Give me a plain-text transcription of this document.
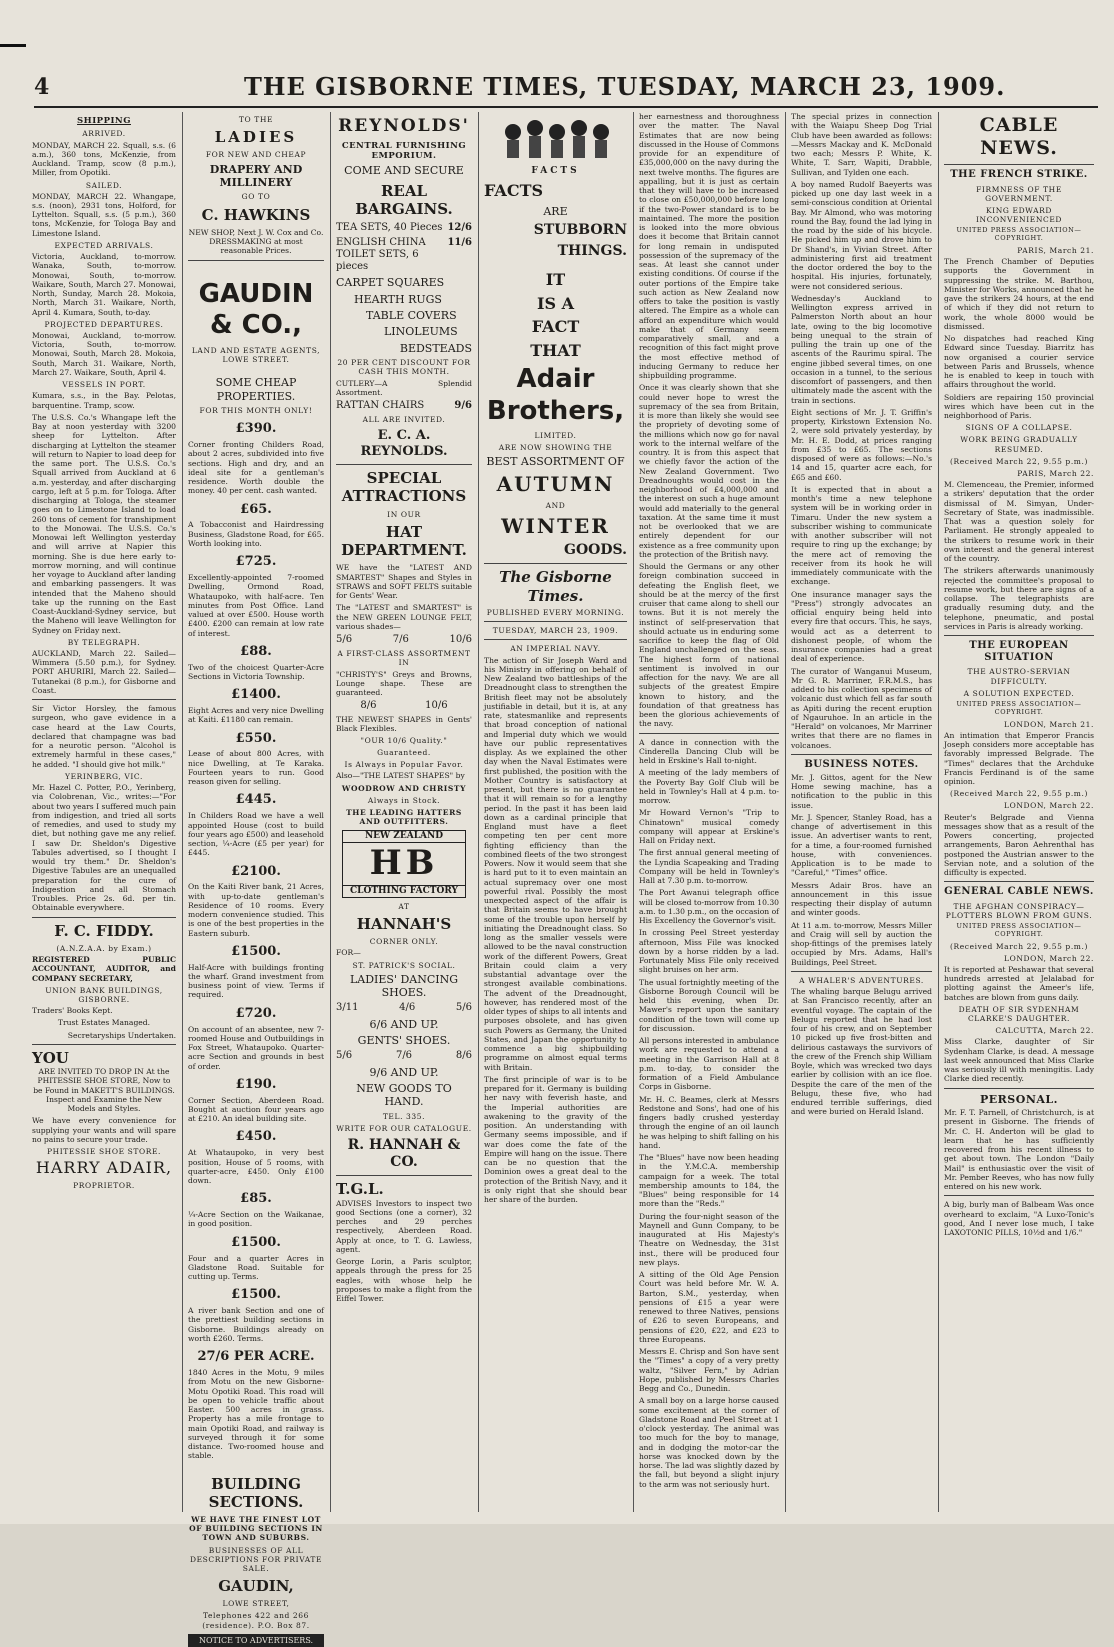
4	THE GISBORNE TIMES, TUESDAY, MARCH 23, 1909.
SHIPPING
ARRIVED.

MONDAY, MARCH 22. Squall, s.s. (6 a.m.), 360 tons, McKenzie, from Auckland. Tramp, scow (8 p.m.), Miller, from Opotiki.

SAILED.

MONDAY, MARCH 22. Whangape, s.s. (noon), 2931 tons, Holford, for Lyttelton. Squall, s.s. (5 p.m.), 360 tons, McKenzie, for Tologa Bay and Limestone Island.

EXPECTED ARRIVALS.

Victoria, Auckland, to-morrow. Wanaka, South, to-morrow. Monowai, South, to-morrow. Waikare, South, March 27. Monowai, North, Sunday, March 28. Mokoia, North, March 31. Waikare, North, April 4. Kumara, South, to-day.

PROJECTED DEPARTURES.

Monowai, Auckland, to-morrow. Victoria, South, to-morrow. Monowai, South, March 28. Mokoia, South, March 31. Waikare, North, March 27. Waikare, South, April 4.

VESSELS IN PORT.

Kumara, s.s., in the Bay. Pelotas, barquentine. Tramp, scow.

The U.S.S. Co.'s Whangape left the Bay at noon yesterday with 3200 sheep for Lyttelton. After discharging at Lyttelton the steamer will return to Napier to load deep for the same port. The U.S.S. Co.'s Squall arrived from Auckland at 6 a.m. yesterday, and after discharging cargo, left at 5 p.m. for Tologa. After discharging at Tologa, the steamer goes on to Limestone Island to load 260 tons of cement for transhipment to the Monowai. The U.S.S. Co.'s Monowai left Wellington yesterday and will arrive at Napier this morning. She is due here early to-morrow morning, and will continue her voyage to Auckland after landing and embarking passengers. It was intended that the Maheno should take up the running on the East Coast-Auckland-Sydney service, but the Maheno will leave Wellington for Sydney on Friday next.

BY TELEGRAPH.

AUCKLAND, March 22. Sailed—Wimmera (5.50 p.m.), for Sydney. PORT AHURIRI, March 22. Sailed—Tutanekai (8 p.m.), for Gisborne and Coast.

Sir Victor Horsley, the famous surgeon, who gave evidence in a case heard at the Law Courts, declared that champagne was bad for a neurotic person. "Alcohol is extremely harmful in these cases," he added. "I should give hot milk."

YERINBERG, VIC.

Mr. Hazel C. Potter, P.O., Yerinberg, via Colobrenan, Vic., writes:—"For about two years I suffered much pain from indigestion, and tried all sorts of remedies, and used to study my diet, but nothing gave me any relief. I saw Dr. Sheldon's Digestive Tabules advertised, so I thought I would try them." Dr. Sheldon's Digestive Tabules are an unequalled preparation for the cure of Indigestion and all Stomach Troubles. Price 2s. 6d. per tin. Obtainable everywhere.

F. C. FIDDY.
(A.N.Z.A.A. by Exam.)

REGISTERED PUBLIC ACCOUNTANT, AUDITOR, and COMPANY SECRETARY,

UNION BANK BUILDINGS, GISBORNE.

Traders' Books Kept.

Trust Estates Managed.

Secretaryships Undertaken.

YOU

ARE INVITED TO DROP IN At the PHITESSIE SHOE STORE, Now to be Found in MAKETT'S BUILDINGS. Inspect and Examine the New Models and Styles.

We have every convenience for supplying your wants and will spare no pains to secure your trade.

PHITESSIE SHOE STORE.
HARRY ADAIR,
PROPRIETOR.
TO THE
LADIES
FOR NEW AND CHEAP
DRAPERY AND MILLINERY
GO TO
C. HAWKINS

NEW SHOP, Next J. W. Cox and Co. DRESSMAKING at most reasonable Prices.

GAUDIN & CO.,
LAND AND ESTATE AGENTS, LOWE STREET.
SOME CHEAP PROPERTIES.
FOR THIS MONTH ONLY!
£390.

Corner fronting Childers Road, about 2 acres, subdivided into five sections. High and dry, and an ideal site for a gentleman's residence. Worth double the money. 40 per cent. cash wanted.

£65.

A Tobacconist and Hairdressing Business, Gladstone Road, for £65. Worth looking into.

£725.

Excellently-appointed 7-roomed Dwelling, Ormond Road, Whataupoko, with half-acre. Ten minutes from Post Office. Land valued at over £500. House worth £400. £200 can remain at low rate of interest.

£88.

Two of the choicest Quarter-Acre Sections in Victoria Township.

£1400.

Eight Acres and very nice Dwelling at Kaiti. £1180 can remain.

£550.

Lease of about 800 Acres, with nice Dwelling, at Te Karaka. Fourteen years to run. Good reason given for selling.

£445.

In Childers Road we have a well appointed House (cost to build four years ago £500) and leasehold section, ¼-Acre (£5 per year) for £445.

£2100.

On the Kaiti River bank, 21 Acres, with up-to-date gentleman's Residence of 10 rooms. Every modern convenience studied. This is one of the best properties in the Eastern suburb.

£1500.

Half-Acre with buildings fronting the wharf. Grand investment from business point of view. Terms if required.

£720.

On account of an absentee, new 7-roomed House and Outbuildings in Fox Street, Whataupoko. Quarter-acre Section and grounds in best of order.

£190.

Corner Section, Aberdeen Road. Bought at auction four years ago at £210. An ideal building site.

£450.

At Whataupoko, in very best position, House of 5 rooms, with quarter-acre, £450. Only £100 down.

£85.

¼-Acre Section on the Waikanae, in good position.

£1500.

Four and a quarter Acres in Gladstone Road. Suitable for cutting up. Terms.

£1500.

A river bank Section and one of the prettiest building sections in Gisborne. Buildings already on worth £260. Terms.

27/6 PER ACRE.

1840 Acres in the Motu, 9 miles from Motu on the new Gisborne-Motu Opotiki Road. This road will be open to vehicle traffic about Easter. 500 acres in grass. Property has a mile frontage to main Opotiki Road, and railway is surveyed through it for some distance. Two-roomed house and stable.

BUILDING SECTIONS.
WE HAVE THE FINEST LOT OF BUILDING SECTIONS IN TOWN AND SUBURBS.
BUSINESSES OF ALL DESCRIPTIONS FOR PRIVATE SALE.
GAUDIN,
LOWE STREET,
Telephones 422 and 266 (residence). P.O. Box 87.
NOTICE TO ADVERTISERS.
REYNOLDS'
CENTRAL FURNISHING EMPORIUM.
COME AND SECURE
REAL BARGAINS.
TEA SETS, 40 Pieces 12/6
ENGLISH CHINA TOILET SETS, 6 pieces
11/6
CARPET SQUARES
HEARTH RUGS
TABLE COVERS
LINOLEUMS
BEDSTEADS
20 PER CENT DISCOUNT FOR CASH THIS MONTH.

CUTLERY—A Splendid Assortment.

RATTAN CHAIRS	9/6
ALL ARE INVITED.
E. C. A. REYNOLDS.
SPECIAL ATTRACTIONS
IN OUR
HAT DEPARTMENT.

WE have the "LATEST AND SMARTEST" Shapes and Styles in STRAWS and SOFT FELTS suitable for Gents' Wear.

The "LATEST and SMARTEST" is the NEW GREEN LOUNGE FELT, various shades—

5/6	7/6	10/6
A FIRST-CLASS ASSORTMENT IN

"CHRISTY'S" Greys and Browns, Lounge shape. These are guaranteed.

8/6	10/6

THE NEWEST SHAPES in Gents' Black Flexibles.

"OUR 10/6 Quality."
Guaranteed.
Is Always in Popular Favor.

Also—"THE LATEST SHAPES" by

WOODROW AND CHRISTY
Always in Stock.
THE LEADING HATTERS AND OUTFITTERS.
NEW ZEALAND
HB
CLOTHING FACTORY
AT
HANNAH'S
CORNER ONLY.

FOR—

ST. PATRICK'S SOCIAL.
LADIES' DANCING SHOES.
3/11	4/6	5/6
6/6 AND UP.
GENTS' SHOES.
5/6	7/6	8/6
9/6 AND UP.
NEW GOODS TO HAND.
TEL. 335.
WRITE FOR OUR CATALOGUE.
R. HANNAH & CO.
T.G.L.

ADVISES Investors to inspect two good Sections (one a corner), 32 perches and 29 perches respectively, Aberdeen Road. Apply at once, to T. G. Lawless, agent.

George Lorin, a Paris sculptor, appeals through the press for 25 eagles, with whose help he proposes to make a flight from the Eiffel Tower.

FACTS
FACTS
ARE
STUBBORN
THINGS.
IT
IS A
FACT
THAT
Adair
Brothers,
LIMITED.
ARE NOW SHOWING THE
BEST ASSORTMENT OF
AUTUMN
AND
WINTER
GOODS.
The Gisborne Times.
PUBLISHED EVERY MORNING.
TUESDAY, MARCH 23, 1909.
AN IMPERIAL NAVY.

The action of Sir Joseph Ward and his Ministry in offering on behalf of New Zealand two battleships of the Dreadnought class to strengthen the British fleet may not be absolutely justifiable in detail, but it is, at any rate, statesmanlike and represents that broad conception of national and Imperial duty which we would have our public representatives display. As we explained the other day when the Naval Estimates were first published, the position with the Mother Country is satisfactory at present, but there is no guarantee that it will remain so for a lengthy period. In the past it has been laid down as a cardinal principle that England must have a fleet competing ten per cent more fighting efficiency than the combined fleets of the two strongest Powers. Now it would seem that she is hard put to it to even maintain an actual supremacy over one most powerful rival. Possibly the most unexpected aspect of the affair is that Britain seems to have brought some of the trouble upon herself by initiating the Dreadnought class. So long as the smaller vessels were allowed to be the naval construction work of the different Powers, Great Britain could claim a very substantial advantage over the strongest available combinations. The advent of the Dreadnought, however, has rendered most of the older types of ships to all intents and purposes obsolete, and has given such Powers as Germany, the United States, and Japan the opportunity to commence a big shipbuilding programme on almost equal terms with Britain.

The first principle of war is to be prepared for it. Germany is building her navy with feverish haste, and the Imperial authorities are awakening to the gravity of the position. An understanding with Germany seems impossible, and if war does come the fate of the Empire will hang on the issue. There can be no question that the Dominion owes a great deal to the protection of the British Navy, and it is only right that she should bear her share of the burden.

her earnestness and thoroughness over the matter. The Naval Estimates that are now being discussed in the House of Commons provide for an expenditure of £35,000,000 on the navy during the next twelve months. The figures are appalling, but it is just as certain that they will have to be increased to close on £50,000,000 before long if the two-Power standard is to be maintained. The more the position is looked into the more obvious does it become that Britain cannot for long remain in undisputed possession of the supremacy of the seas. At least she cannot under existing conditions. Of course if the outer portions of the Empire take such action as New Zealand now offers to take the position is vastly altered. The Empire as a whole can afford an expenditure which would make that of Germany seem comparatively small, and a recognition of this fact might prove the most effective method of inducing Germany to reduce her shipbuilding programme.

Once it was clearly shown that she could never hope to wrest the supremacy of the sea from Britain, it is more than likely she would see the propriety of devoting some of the millions which now go for naval work to the internal welfare of the country. It is from this aspect that we chiefly favor the action of the New Zealand Government. Two Dreadnoughts would cost in the neighborhood of £4,000,000 and the interest on such a huge amount would add materially to the general taxation. At the same time it must not be overlooked that we are entirely dependent for our existence as a free community upon the protection of the British navy.

Should the Germans or any other foreign combination succeed in defeating the English fleet, we should be at the mercy of the first cruiser that came along to shell our towns. But it is not merely the instinct of self-preservation that should actuate us in enduring some sacrifice to keep the flag of Old England unchallenged on the seas. The highest form of national sentiment is involved in our affection for the navy. We are all subjects of the greatest Empire known to history, and the foundation of that greatness has been the glorious achievements of the navy.

A dance in connection with the Cinderella Dancing Club will be held in Erskine's Hall to-night.

A meeting of the lady members of the Poverty Bay Golf Club will be held in Townley's Hall at 4 p.m. to-morrow.

Mr Howard Vernon's "Trip to Chinatown" musical comedy company will appear at Erskine's Hall on Friday next.

The first annual general meeting of the Lyndia Scapeaking and Trading Company will be held in Townley's Hall at 7.30 p.m. to-morrow.

The Port Awanui telegraph office will be closed to-morrow from 10.30 a.m. to 1.30 p.m., on the occasion of His Excellency the Governor's visit.

In crossing Peel Street yesterday afternoon, Miss File was knocked down by a horse ridden by a lad. Fortunately Miss File only received slight bruises on her arm.

The usual fortnightly meeting of the Gisborne Borough Council will be held this evening, when Dr. Mawer's report upon the sanitary condition of the town will come up for discussion.

All persons interested in ambulance work are requested to attend a meeting in the Garrison Hall at 8 p.m. to-day, to consider the formation of a Field Ambulance Corps in Gisborne.

Mr. H. C. Beames, clerk at Messrs Redstone and Sons', had one of his fingers badly crushed yesterday through the engine of an oil launch he was helping to shift falling on his hand.

The "Blues" have now been heading in the Y.M.C.A. membership campaign for a week. The total membership amounts to 184, the "Blues" being responsible for 14 more than the "Reds."

During the four-night season of the Maynell and Gunn Company, to be inaugurated at His Majesty's Theatre on Wednesday, the 31st inst., there will be produced four new plays.

A sitting of the Old Age Pension Court was held before Mr. W. A. Barton, S.M., yesterday, when pensions of £15 a year were renewed to three Natives, pensions of £26 to seven Europeans, and pensions of £20, £22, and £23 to three Europeans.

Messrs E. Chrisp and Son have sent the "Times" a copy of a very pretty waltz, "Silver Fern," by Adrian Hope, published by Messrs Charles Begg and Co., Dunedin.

A small boy on a large horse caused some excitement at the corner of Gladstone Road and Peel Street at 1 o'clock yesterday. The animal was too much for the boy to manage, and in dodging the motor-car the horse was knocked down by the horse. The lad was slightly dazed by the fall, but beyond a slight injury to the arm was not seriously hurt.

The special prizes in connection with the Waiapu Sheep Dog Trial Club have been awarded as follows:—Messrs Mackay and K. McDonald two each; Messrs P. White, K. White, T. Sarr, Wapiti, Drabble, Sullivan, and Tylden one each.

A boy named Rudolf Baeyerts was picked up one day last week in a semi-conscious condition at Oriental Bay. Mr Almond, who was motoring round the Bay, found the lad lying in the road by the side of his bicycle. He picked him up and drove him to Dr Shand's, in Vivian Street. After administering first aid treatment the doctor ordered the boy to the hospital. His injuries, fortunately, were not considered serious.

Wednesday's Auckland to Wellington express arrived in Palmerston North about an hour late, owing to the big locomotive being unequal to the strain of pulling the train up one of the ascents of the Raurimu spiral. The engine jibbed several times, on one occasion in a tunnel, to the serious discomfort of passengers, and then ultimately made the ascent with the train in sections.

Eight sections of Mr. J. T. Griffin's property, Kirkstown Extension No. 2, were sold privately yesterday, by Mr. H. E. Dodd, at prices ranging from £35 to £65. The sections disposed of were as follows:—No.'s 14 and 15, quarter acre each, for £65 and £60.

It is expected that in about a month's time a new telephone system will be in working order in Timaru. Under the new system a subscriber wishing to communicate with another subscriber will not require to ring up the exchange; by the mere act of removing the receiver from its hook he will immediately communicate with the exchange.

One insurance manager says the "Press") strongly advocates an official enquiry being held into every fire that occurs. This, he says, would act as a deterrent to dishonest people, of whom the insurance companies had a great deal of experience.

The curator of Wanganui Museum, Mr G. R. Marriner, F.R.M.S., has added to his collection specimens of volcanic dust which fell as far south as Apiti during the recent eruption of Ngauruhoe. In an article in the "Herald" on volcanoes, Mr Marriner writes that there are no flames in volcanoes.

BUSINESS NOTES.

Mr. J. Gittos, agent for the New Home sewing machine, has a notification to the public in this issue.

Mr. J. Spencer, Stanley Road, has a change of advertisement in this issue. An advertiser wants to rent, for a time, a four-roomed furnished house, with conveniences. Application is to be made to "Careful," "Times" office.

Messrs Adair Bros. have an announcement in this issue respecting their display of autumn and winter goods.

At 11 a.m. to-morrow, Messrs Miller and Craig will sell by auction the shop-fittings of the premises lately occupied by Mrs. Adams, Hall's Buildings, Peel Street.

A WHALER'S ADVENTURES.

The whaling barque Belugu arrived at San Francisco recently, after an eventful voyage. The captain of the Belugu reported that he had lost four of his crew, and on September 10 picked up five frost-bitten and delirious castaways the survivors of the crew of the French ship William Boyle, which was wrecked two days earlier by collision with an ice floe. Despite the care of the men of the Belugu, these five, who had endured terrible sufferings, died and were buried on Herald Island.

CABLE NEWS.
THE FRENCH STRIKE.
FIRMNESS OF THE GOVERNMENT.
KING EDWARD INCONVENIENCED
UNITED PRESS ASSOCIATION—COPYRIGHT.
PARIS, March 21.

The French Chamber of Deputies supports the Government in suppressing the strike. M. Barthou, Minister for Works, announced that he gave the strikers 24 hours, at the end of which if they did not return to work, the whole 8000 would be dismissed.

No dispatches had reached King Edward since Tuesday. Biarritz has now organised a courier service between Paris and Brussels, whence he is enabled to keep in touch with affairs throughout the world.

Soldiers are repairing 150 provincial wires which have been cut in the neighborhood of Paris.

SIGNS OF A COLLAPSE.
WORK BEING GRADUALLY RESUMED.
(Received March 22, 9.55 p.m.)
PARIS, March 22.

M. Clemenceau, the Premier, informed a strikers' deputation that the order dismissal of M. Simyan, Under-Secretary of State, was inadmissible. That was a question solely for Parliament. He strongly appealed to the strikers to resume work in their own interest and the general interest of the country.

The strikers afterwards unanimously rejected the committee's proposal to resume work, but there are signs of a collapse. The telegraphists are gradually resuming duty, and the telephone, pneumatic, and postal services in Paris is already working.

THE EUROPEAN SITUATION
THE AUSTRO-SERVIAN DIFFICULTY.
A SOLUTION EXPECTED.
UNITED PRESS ASSOCIATION—COPYRIGHT.
LONDON, March 21.

An intimation that Emperor Francis Joseph considers more acceptable has favorably impressed Belgrade. The "Times" declares that the Archduke Francis Ferdinand is of the same opinion.

(Received March 22, 9.55 p.m.)
LONDON, March 22.

Reuter's Belgrade and Vienna messages show that as a result of the Powers concerting, projected arrangements, Baron Aehrenthal has postponed the Austrian answer to the Servian note, and a solution of the difficulty is expected.

GENERAL CABLE NEWS.
THE AFGHAN CONSPIRACY—PLOTTERS BLOWN FROM GUNS.
UNITED PRESS ASSOCIATION—COPYRIGHT.
(Received March 22, 9.55 p.m.)
LONDON, March 22.

It is reported at Peshawar that several hundreds arrested at Jelalabad for plotting against the Ameer's life, batches are blown from guns daily.

DEATH OF SIR SYDENHAM CLARKE'S DAUGHTER.
CALCUTTA, March 22.

Miss Clarke, daughter of Sir Sydenham Clarke, is dead. A message last week announced that Miss Clarke was seriously ill with meningitis. Lady Clarke died recently.

PERSONAL.

Mr. F. T. Parnell, of Christchurch, is at present in Gisborne. The friends of Mr. C. H. Anderton will be glad to learn that he has sufficiently recovered from his recent illness to get about town. The London "Daily Mail" is enthusiastic over the visit of Mr. Pember Reeves, who has now fully entered on his new work.

A big, burly man of Balbeam Was once overheard to exclaim, "A Luxo-Tonic's good, And I never lose much, I take LAXOTONIC PILLS, 10½d and 1/6."
